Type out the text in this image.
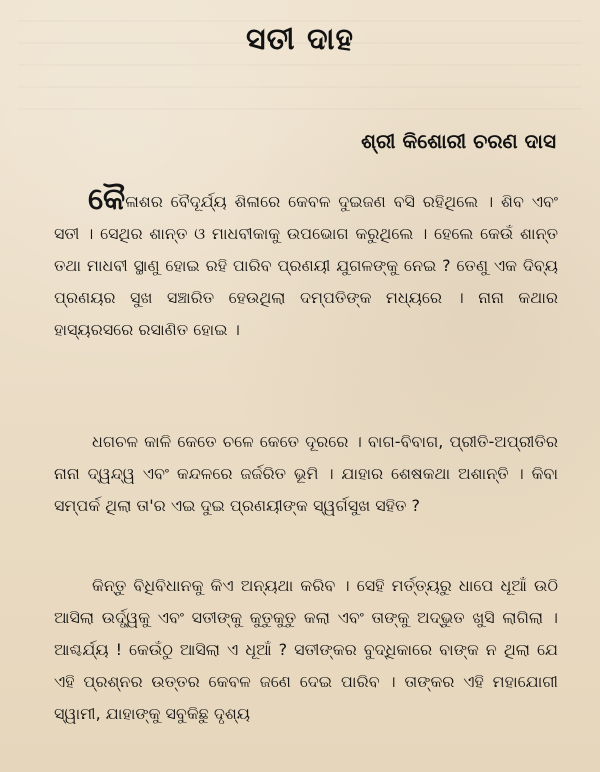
ସତୀ ଦାହ
ଶ୍ରୀ କିଶୋରୀ ଚରଣ ଦାସ
କୈଳାଶର ବୈଦୂର୍ଯ୍ୟ ଶିଳାରେ କେବଳ ଦୁଇଜଣ ବସି ରହିଥିଲେ । ଶିବ ଏବଂ ସତୀ । ସେଥିର ଶାନ୍ତ ଓ ମାଧବୀକାକୁ ଉପଭୋଗ କରୁଥିଲେ । ହେଲେ କେଉଁ ଶାନ୍ତ ତଥା ମାଧବୀ ସ୍ଥାଣୁ ହୋଇ ରହି ପାରିବ ପ୍ରଣୟୀ ଯୁଗଳଙ୍କୁ ନେଇ ? ତେଣୁ ଏକ ଦିବ୍ୟ ପ୍ରଣୟର ସୁଖ ସଞ୍ଚାରିତ ହେଉଥିଲା ଦମ୍ପତିଙ୍କ ମଧ୍ୟରେ । ନାନା କଥାର ହାସ୍ୟରସରେ ରସାଣିତ ହୋଇ ।
ଧଗଚଳ କାଳି କେତେ ଚଳେ କେତେ ଦୂରରେ । ବାଗ-ବିବାଗ, ପ୍ରୀତି-ଅପ୍ରୀତିର ନାନା ଦ୍ୱନ୍ଦ୍ୱ ଏବଂ କନ୍ଦଳରେ ଜର୍ଜରିତ ଭୂମି । ଯାହାର ଶେଷକଥା ଅଶାନ୍ତି । କିବା ସମ୍ପର୍କ ଥିଲା ତା'ର ଏଇ ଦୁଇ ପ୍ରଣୟୀଙ୍କ ସ୍ୱର୍ଗସୁଖ ସହିତ ?
କିନ୍ତୁ ବିଧିବିଧାନକୁ କିଏ ଅନ୍ୟଥା କରିବ । ସେହି ମର୍ତ୍ତ୍ୟରୁ ଧାପେ ଧୂଆଁ ଉଠି ଆସିଲା ଉର୍ଦ୍ଧ୍ୱକୁ ଏବଂ ସତୀଙ୍କୁ କୁତୁକୁତୁ କଲା ଏବଂ ତାଙ୍କୁ ଅଦ୍ଭୁତ ଖୁସି ଲାଗିଲା । ଆଶ୍ଚର୍ଯ୍ୟ ! କେଉଁଠୁ ଆସିଲା ଏ ଧୂଆଁ ? ସତୀଙ୍କର ବୁଦ୍ଧିକାରେ ବାଙ୍କ ନ ଥିଲା ଯେ ଏହି ପ୍ରଶ୍ନର ଉତ୍ତର କେବଳ ଜଣେ ଦେଇ ପାରିବ । ତାଙ୍କର ଏହି ମହାଯୋଗୀ ସ୍ୱାମୀ, ଯାହାଙ୍କୁ ସବୁକିଛୁ ଦୃଶ୍ୟ
